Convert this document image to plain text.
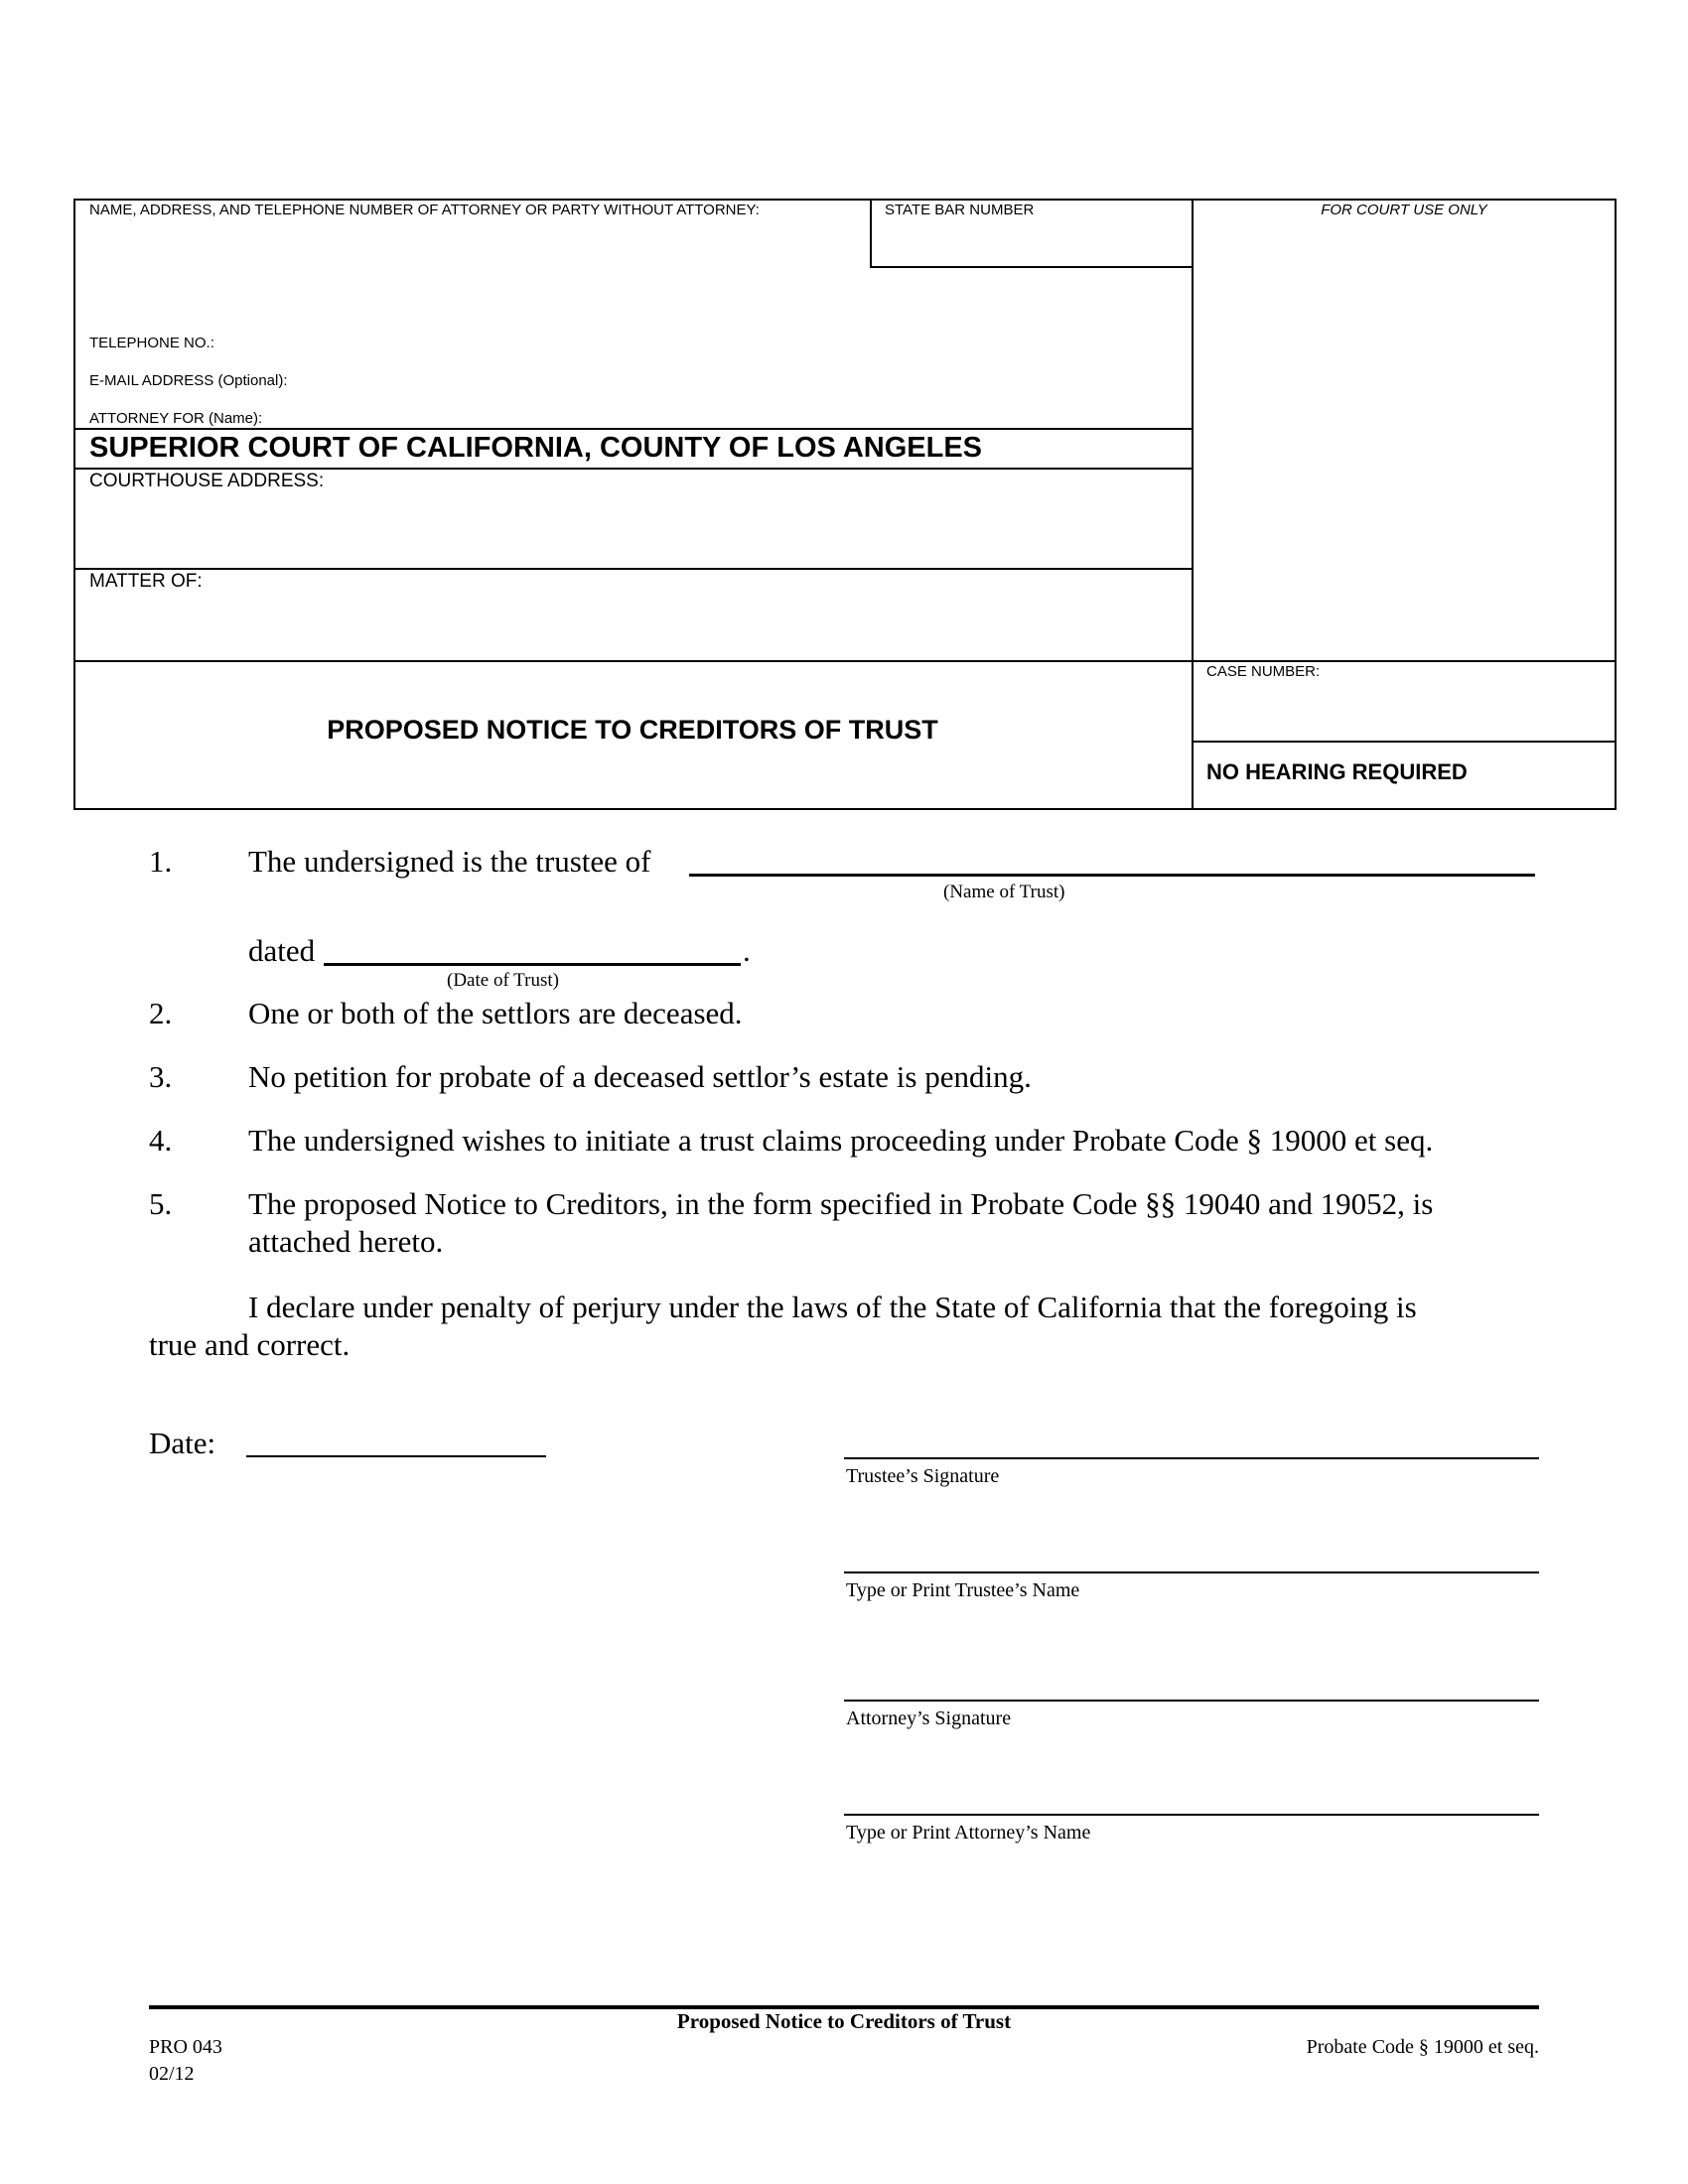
NAME, ADDRESS, AND TELEPHONE NUMBER OF ATTORNEY OR PARTY WITHOUT ATTORNEY:	STATE BAR NUMBER	FOR COURT USE ONLY
TELEPHONE NO.:
E-MAIL ADDRESS (Optional):
ATTORNEY FOR (Name):
SUPERIOR COURT OF CALIFORNIA, COUNTY OF LOS ANGELES
COURTHOUSE ADDRESS:
MATTER OF:
PROPOSED NOTICE TO CREDITORS OF TRUST
CASE NUMBER:
NO HEARING REQUIRED
1. The undersigned is the trustee of
(Name of Trust)
dated	.
(Date of Trust)
2. One or both of the settlors are deceased.
3. No petition for probate of a deceased settlor’s estate is pending.
4. The undersigned wishes to initiate a trust claims proceeding under Probate Code § 19000 et seq.
5. The proposed Notice to Creditors, in the form specified in Probate Code §§ 19040 and 19052, is
attached hereto.
I declare under penalty of perjury under the laws of the State of California that the foregoing is
true and correct.
Date:
Trustee’s Signature
Type or Print Trustee’s Name
Attorney’s Signature
Type or Print Attorney’s Name
Proposed Notice to Creditors of Trust
PRO 043
02/12
Probate Code § 19000 et seq.
